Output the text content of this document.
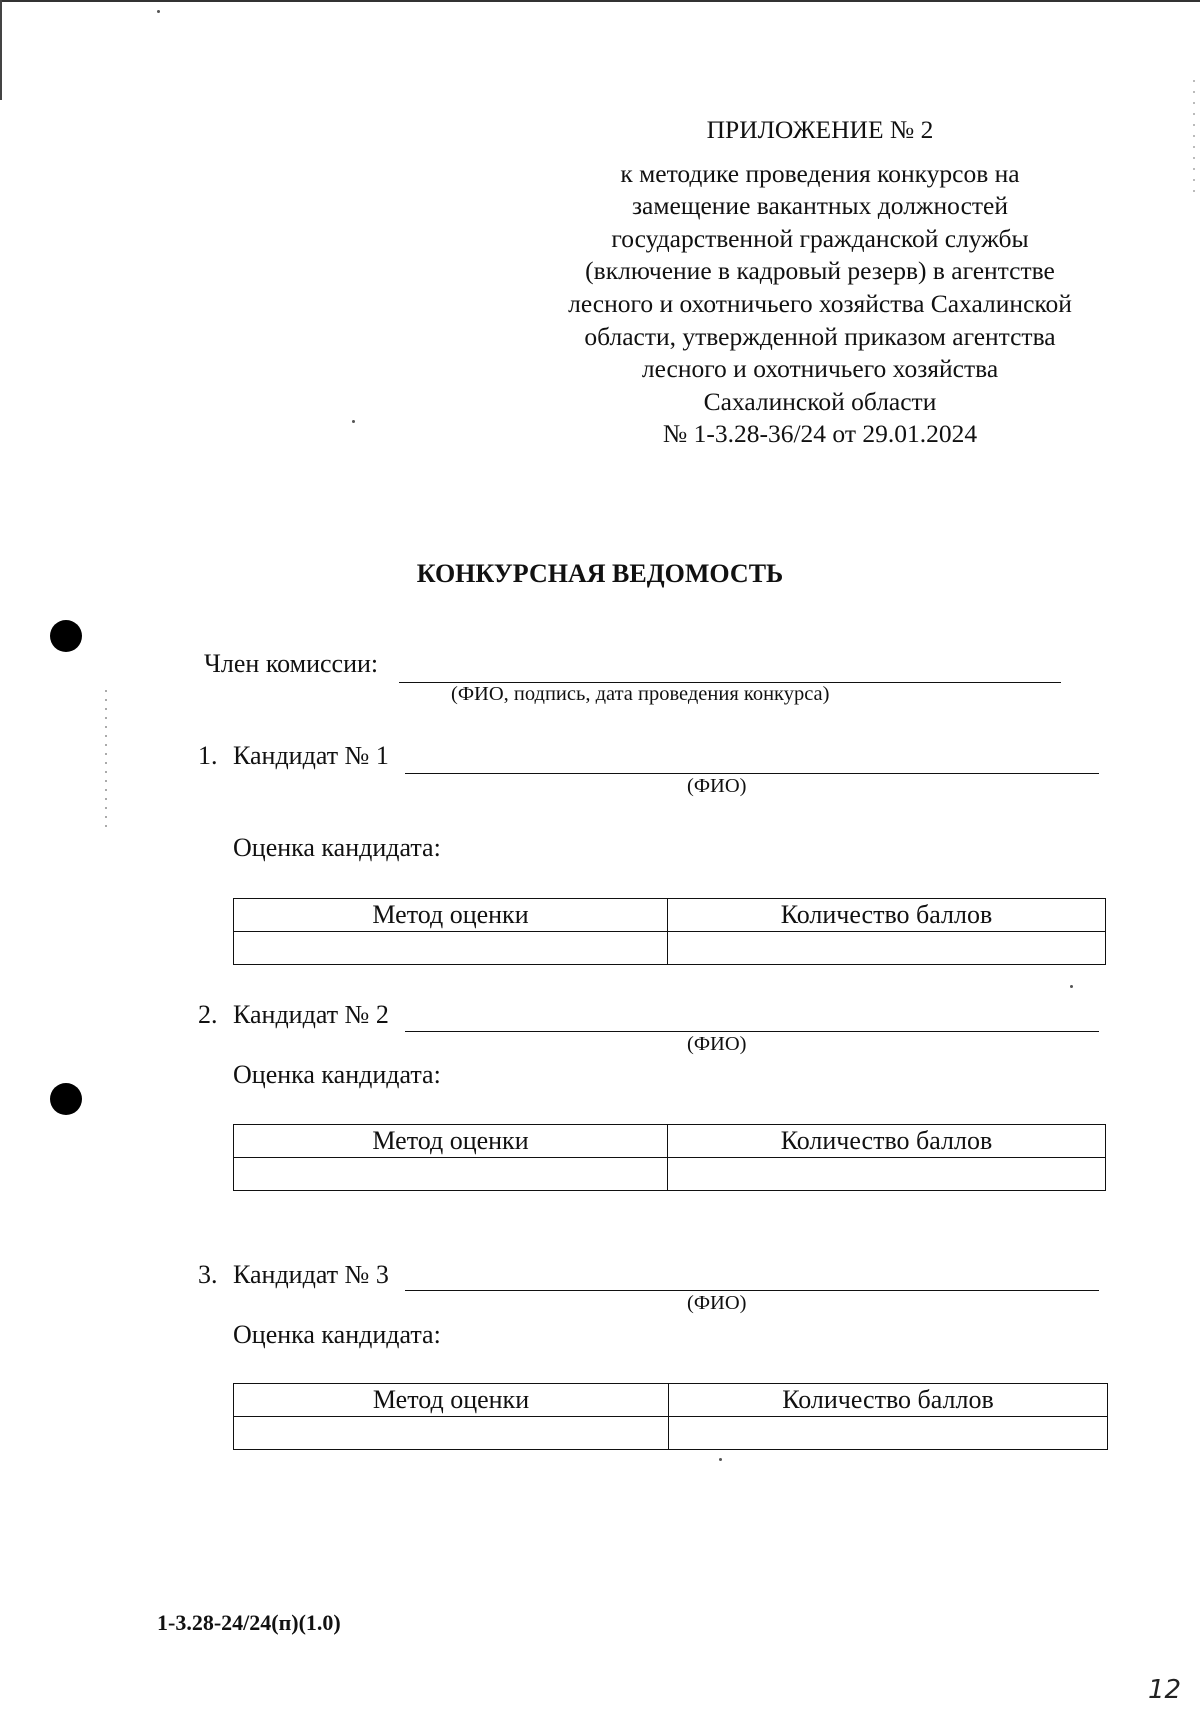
ПРИЛОЖЕНИЕ № 2
к методике проведения конкурсов на
замещение вакантных должностей
государственной гражданской службы
(включение в кадровый резерв) в агентстве
лесного и охотничьего хозяйства Сахалинской
области, утвержденной приказом агентства
лесного и охотничьего хозяйства
Сахалинской области
№ 1-3.28-36/24 от 29.01.2024
КОНКУРСНАЯ ВЕДОМОСТЬ
Член комиссии:
(ФИО, подпись, дата проведения конкурса)
1. Кандидат № 1
(ФИО)
Оценка кандидата:
Метод оценки	Количество баллов

2. Кандидат № 2
(ФИО)
Оценка кандидата:
Метод оценки	Количество баллов

3. Кандидат № 3
(ФИО)
Оценка кандидата:
Метод оценки	Количество баллов

1-3.28-24/24(п)(1.0)
12
